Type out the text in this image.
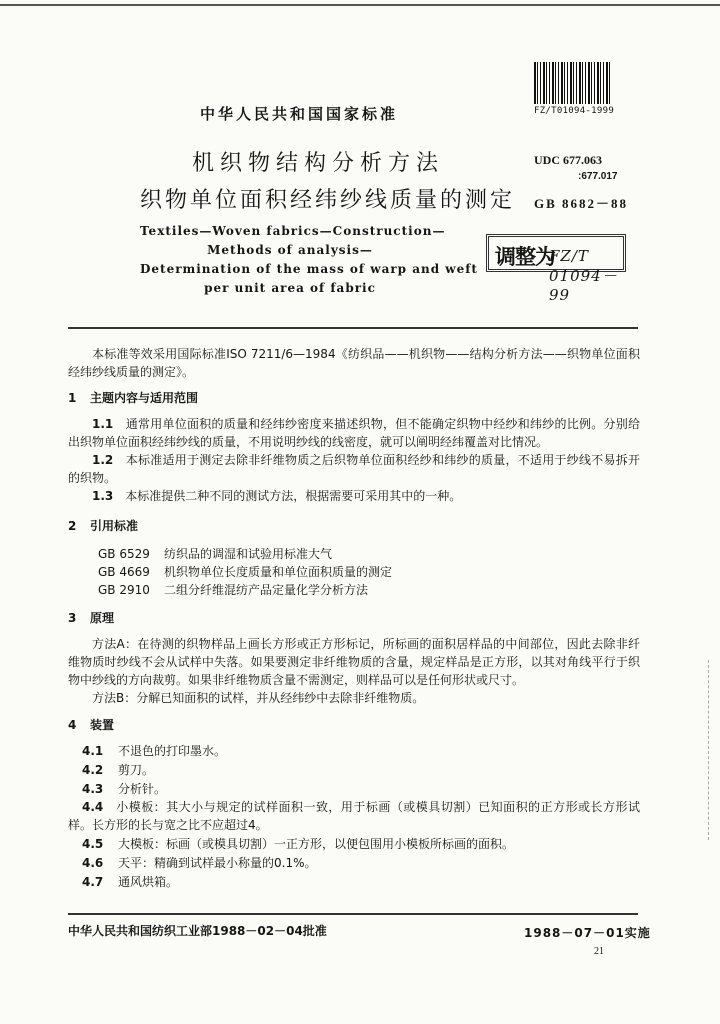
FZ/T01094-1999
中华人民共和国国家标准
机织物结构分析方法
织物单位面积经纬纱线质量的测定
UDC 677.063
:677.017
GB 8682－88
Textiles—Woven fabrics—Construction—
Methods of analysis—
Determination of the mass of warp and weft
per unit area of fabric
调整为
FZ/T 01094－99
本标准等效采用国际标准ISO 7211/6—1984《纺织品——机织物——结构分析方法——织物单位面积经纬纱线质量的测定》。
1 主题内容与适用范围
1.1　 通常用单位面积的质量和经纬纱密度来描述织物，但不能确定织物中经纱和纬纱的比例。分别给出织物单位面积经纬纱线的质量，不用说明纱线的线密度，就可以阐明经纬覆盖对比情况。
1.2　 本标准适用于测定去除非纤维物质之后织物单位面积经纱和纬纱的质量，不适用于纱线不易拆开的织物。
1.3　 本标准提供二种不同的测试方法，根据需要可采用其中的一种。
2 引用标准
GB 6529 纺织品的调湿和试验用标准大气
GB 4669 机织物单位长度质量和单位面积质量的测定
GB 2910 二组分纤维混纺产品定量化学分析方法
3 原理
方法A：在待测的织物样品上画长方形或正方形标记，所标画的面积居样品的中间部位，因此去除非纤维物质时纱线不会从试样中失落。如果要测定非纤维物质的含量，规定样品是正方形，以其对角线平行于织物中纱线的方向裁剪。如果非纤维物质含量不需测定，则样品可以是任何形状或尺寸。
方法B：分解已知面积的试样，并从经纬纱中去除非纤维物质。
4 装置
4.1 不退色的打印墨水。
4.2 剪刀。
4.3 分析针。
4.4　 小模板：其大小与规定的试样面积一致，用于标画（或模具切割）已知面积的正方形或长方形试样。长方形的长与宽之比不应超过4。
4.5 大模板：标画（或模具切割）一正方形，以便包围用小模板所标画的面积。
4.6 天平：精确到试样最小称量的0.1%。
4.7 通风烘箱。
中华人民共和国纺织工业部1988－02－04批准	1988－07－01实施
21
